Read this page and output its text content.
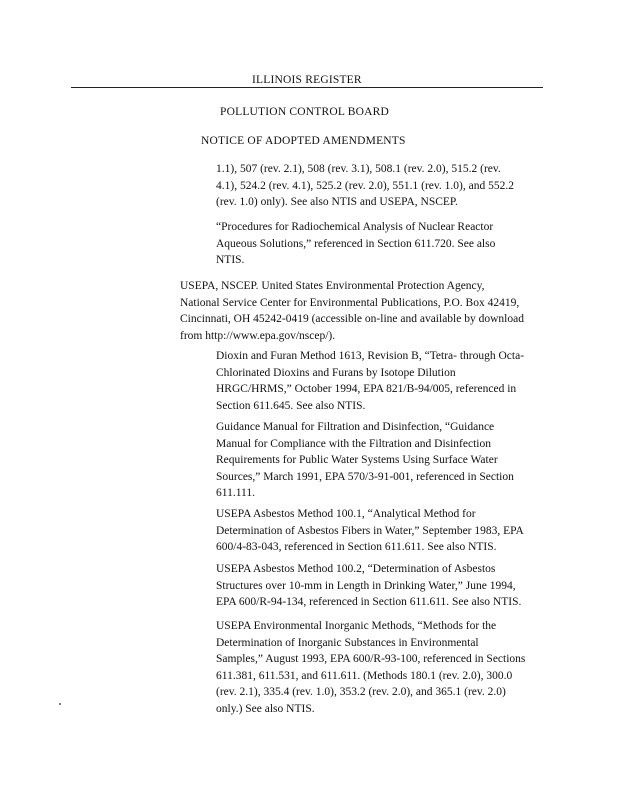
ILLINOIS REGISTER
POLLUTION CONTROL BOARD
NOTICE OF ADOPTED AMENDMENTS
1.1), 507 (rev. 2.1), 508 (rev. 3.1), 508.1 (rev. 2.0), 515.2 (rev.
4.1), 524.2 (rev. 4.1), 525.2 (rev. 2.0), 551.1 (rev. 1.0), and 552.2
(rev. 1.0) only). See also NTIS and USEPA, NSCEP.
“Procedures for Radiochemical Analysis of Nuclear Reactor
Aqueous Solutions,” referenced in Section 611.720. See also
NTIS.
USEPA, NSCEP. United States Environmental Protection Agency,
National Service Center for Environmental Publications, P.O. Box 42419,
Cincinnati, OH 45242-0419 (accessible on-line and available by download
from http://www.epa.gov/nscep/).
Dioxin and Furan Method 1613, Revision B, “Tetra- through Octa-
Chlorinated Dioxins and Furans by Isotope Dilution
HRGC/HRMS,” October 1994, EPA 821/B-94/005, referenced in
Section 611.645. See also NTIS.
Guidance Manual for Filtration and Disinfection, “Guidance
Manual for Compliance with the Filtration and Disinfection
Requirements for Public Water Systems Using Surface Water
Sources,” March 1991, EPA 570/3-91-001, referenced in Section
611.111.
USEPA Asbestos Method 100.1, “Analytical Method for
Determination of Asbestos Fibers in Water,” September 1983, EPA
600/4-83-043, referenced in Section 611.611. See also NTIS.
USEPA Asbestos Method 100.2, “Determination of Asbestos
Structures over 10-mm in Length in Drinking Water,” June 1994,
EPA 600/R-94-134, referenced in Section 611.611. See also NTIS.
USEPA Environmental Inorganic Methods, “Methods for the
Determination of Inorganic Substances in Environmental
Samples,” August 1993, EPA 600/R-93-100, referenced in Sections
611.381, 611.531, and 611.611. (Methods 180.1 (rev. 2.0), 300.0
(rev. 2.1), 335.4 (rev. 1.0), 353.2 (rev. 2.0), and 365.1 (rev. 2.0)
only.) See also NTIS.
